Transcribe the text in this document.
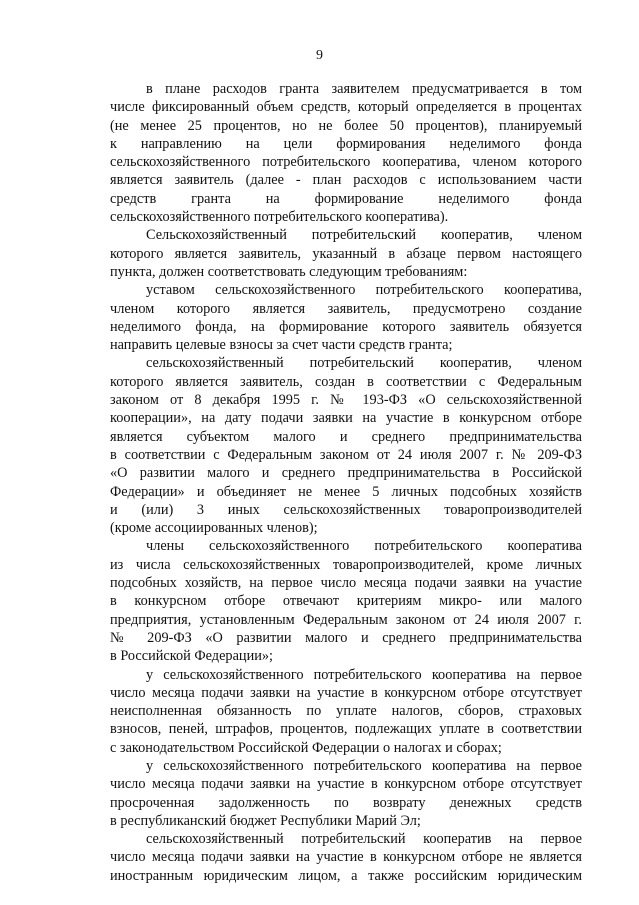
9
в плане расходов гранта заявителем предусматривается в том
числе фиксированный объем средств, который определяется в процентах
(не менее 25 процентов, но не более 50 процентов), планируемый
к направлению на цели формирования неделимого фонда
сельскохозяйственного потребительского кооператива, членом которого
является заявитель (далее - план расходов с использованием части
средств гранта на формирование неделимого фонда
сельскохозяйственного потребительского кооператива).
Сельскохозяйственный потребительский кооператив, членом
которого является заявитель, указанный в абзаце первом настоящего
пункта, должен соответствовать следующим требованиям:
уставом сельскохозяйственного потребительского кооператива,
членом которого является заявитель, предусмотрено создание
неделимого фонда, на формирование которого заявитель обязуется
направить целевые взносы за счет части средств гранта;
сельскохозяйственный потребительский кооператив, членом
которого является заявитель, создан в соответствии с Федеральным
законом от 8 декабря 1995 г. № 193-ФЗ «О сельскохозяйственной
кооперации», на дату подачи заявки на участие в конкурсном отборе
является субъектом малого и среднего предпринимательства
в соответствии с Федеральным законом от 24 июля 2007 г. № 209-ФЗ
«О развитии малого и среднего предпринимательства в Российской
Федерации» и объединяет не менее 5 личных подсобных хозяйств
и (или) 3 иных сельскохозяйственных товаропроизводителей
(кроме ассоциированных членов);
члены сельскохозяйственного потребительского кооператива
из числа сельскохозяйственных товаропроизводителей, кроме личных
подсобных хозяйств, на первое число месяца подачи заявки на участие
в конкурсном отборе отвечают критериям микро- или малого
предприятия, установленным Федеральным законом от 24 июля 2007 г.
№ 209-ФЗ «О развитии малого и среднего предпринимательства
в Российской Федерации»;
у сельскохозяйственного потребительского кооператива на первое
число месяца подачи заявки на участие в конкурсном отборе отсутствует
неисполненная обязанность по уплате налогов, сборов, страховых
взносов, пеней, штрафов, процентов, подлежащих уплате в соответствии
с законодательством Российской Федерации о налогах и сборах;
у сельскохозяйственного потребительского кооператива на первое
число месяца подачи заявки на участие в конкурсном отборе отсутствует
просроченная задолженность по возврату денежных средств
в республиканский бюджет Республики Марий Эл;
сельскохозяйственный потребительский кооператив на первое
число месяца подачи заявки на участие в конкурсном отборе не является
иностранным юридическим лицом, а также российским юридическим
